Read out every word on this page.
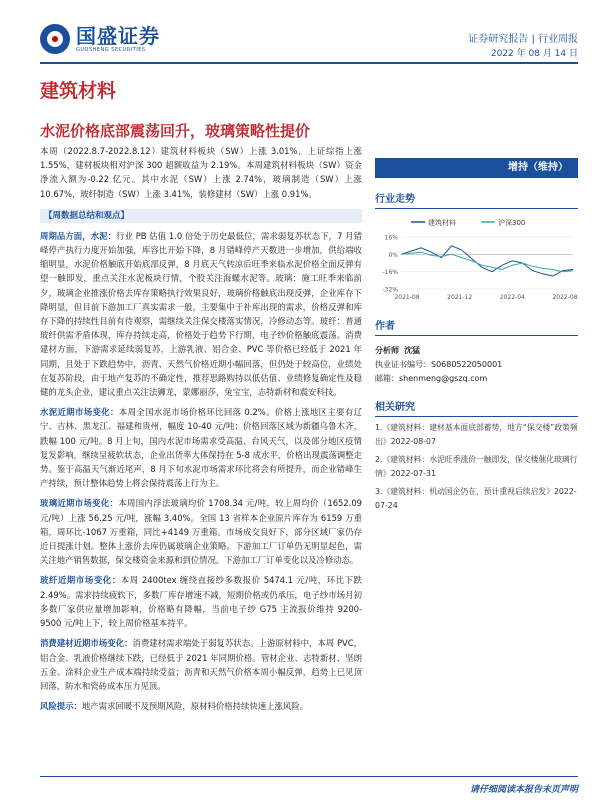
国盛证券
GUOSHENG SECURITIES
证券研究报告 | 行业周报
2022 年 08 月 14 日
建筑材料
水泥价格底部震荡回升，玻璃策略性提价
本周（2022.8.7-2022.8.12）建筑材料板块（SW）上涨 3.01%，上证综指上涨 1.55%，建材板块相对沪深 300 超额收益为 2.19%。本周建筑材料板块（SW）资金净流入额为-0.22 亿元。其中水泥（SW）上涨 2.74%，玻璃制造（SW）上涨 10.67%，玻纤制造（SW）上涨 3.41%，装修建材（SW）上涨 0.91%。
【周数据总结和观点】
周期品方面，水泥：行业 PB 估值 1.0 倍处于历史最低位，需求弱复苏状态下，7 月错峰停产执行力度开始加强，库容比开始下降，8 月错峰停产天数进一步增加，供给端收缩明显，水泥价格触底开始底部反弹，8 月底天气转凉后旺季来临水泥价格全面反弹有望一触即发，重点关注水泥板块行情，个股关注海螺水泥等。玻璃：施工旺季来临前夕，玻璃企业推涨价格去库存策略执行效果良好，玻璃价格触底出现反弹，企业库存下降明显，但目前下游加工厂真实需求一般，主要集中于补库出现的需求，价格反弹和库存下降的持续性目前有待观察，需继续关注保交楼落实情况，冷修动态等。玻纤：普通玻纤供需矛盾体现，库存持续走高，价格处于趋势下行期，电子纱价格触底震荡。消费建材方面，下游需求延续弱复苏，上游乳液、铝合金、PVC 等价格已经低于 2021 年同期，且处于下跌趋势中，沥青、天然气价格近期小幅回落，但仍处于较高位，业绩处在复苏阶段，由于地产复苏的不确定性，推荐思路购持以低估值、业绩修复确定性及稳健的龙头企业，建议重点关注法狮龙，蒙娜丽莎，兔宝宝，志特新材和震安科技。
水泥近期市场变化：本周全国水泥市场价格环比回落 0.2%。价格上涨地区主要有辽宁、吉林、黑龙江、福建和贵州，幅度 10-40 元/吨；价格回落区域为新疆乌鲁木齐，跌幅 100 元/吨。8 月上旬，国内水泥市场需求受高温、台风天气，以及部分地区疫情复发影响，继续呈疲软状态，企业出货率大体保持在 5-8 成水平，价格出现震荡调整走势。鉴于高温天气渐近尾声，8 月下旬水泥市场需求环比将会有所提升，而企业错峰生产持续，预计整体趋势上将会保持震荡上行为主。
玻璃近期市场变化：本周国内浮法玻璃均价 1708.34 元/吨，较上周均价（1652.09 元/吨）上涨 56.25 元/吨，涨幅 3.40%。全国 13 省样本企业原片库存为 6159 万重箱，周环比-1067 万重箱，同比+4149 万重箱。市场成交良好下，部分区域厂家仍存近日提涨计划。整体上涨价去库仍属玻璃企业策略。下游加工厂订单仍无明显起色，需关注地产销售数据，保交楼资金来源和到位情况。下游加工厂订单变化以及冷修动态。
玻纤近期市场变化：本周 2400tex 缠绕直接纱多数报价 5474.1 元/吨，环比下跌 2.49%。需求持续疲软下，多数厂库存增速不减，短期价格或仍承压，电子纱市场月初多数厂家供应量增加影响，价格略有降幅，当前电子纱 G75 主流报价维持 9200-9500 元/吨上下，较上周价格基本持平。
消费建材近期市场变化：消费建材需求端处于弱复苏状态。上游原材料中，本周 PVC，铝合金、乳液价格继续下跌，已经低于 2021 年同期价格。管材企业、志特新材、坚朗五金、涂料企业生产成本端持续受益；沥青和天然气价格本周小幅反弹，趋势上已见顶回落，防水和瓷砖成本压力见顶。
风险提示：地产需求回暖不及预期风险，原材料价格持续快速上涨风险。
增持（维持）
行业走势
建筑材料	沪深300
16%
0%
-16%
-32%
2021-08	2021-12	2022-04	2022-08
作者
分析师 沈猛
执业证书编号：S0680522050001
邮箱：shenmeng@gszq.com
相关研究
1.《建筑材料：建材基本面底部蓄势，地方“保交楼”政策频出》2022-08-07
2.《建筑材料：水泥旺季涨价一触即发，保交楼催化玻璃行情》2022-07-31
3.《建筑材料：机动国企仍在，预计重视后续启发》2022-07-24
请仔细阅读本报告末页声明
